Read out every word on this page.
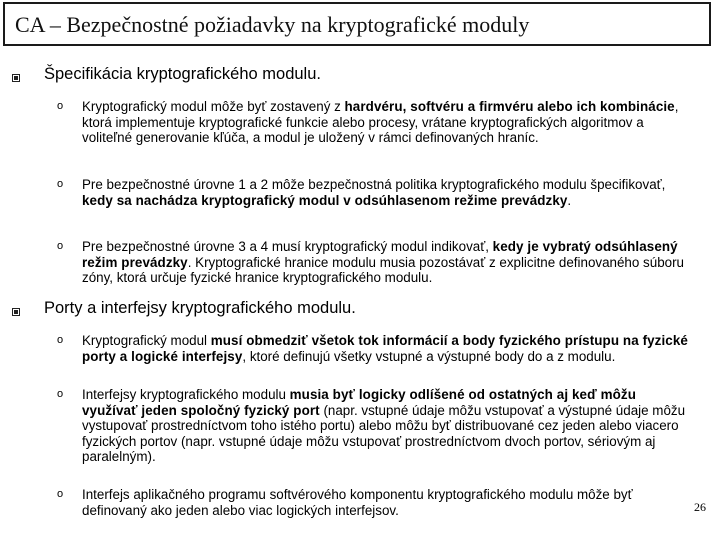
CA – Bezpečnostné požiadavky na kryptografické moduly

Špecifikácia kryptografického modulu.

o Kryptografický modul môže byť zostavený z hardvéru, softvéru a firmvéru alebo ich kombinácie, ktorá implementuje kryptografické funkcie alebo procesy, vrátane kryptografických algoritmov a voliteľné generovanie kľúča, a modul je uložený v rámci definovaných hraníc.

o Pre bezpečnostné úrovne 1 a 2 môže bezpečnostná politika kryptografického modulu špecifikovať, kedy sa nachádza kryptografický modul v odsúhlasenom režime prevádzky.

o Pre bezpečnostné úrovne 3 a 4 musí kryptografický modul indikovať, kedy je vybratý odsúhlasený režim prevádzky. Kryptografické hranice modulu musia pozostávať z explicitne definovaného súboru zóny, ktorá určuje fyzické hranice kryptografického modulu.

Porty a interfejsy kryptografického modulu.

o Kryptografický modul musí obmedziť všetok tok informácií a body fyzického prístupu na fyzické porty a logické interfejsy, ktoré definujú všetky vstupné a výstupné body do a z modulu.

o Interfejsy kryptografického modulu musia byť logicky odlíšené od ostatných aj keď môžu využívať jeden spoločný fyzický port (napr. vstupné údaje môžu vstupovať a výstupné údaje môžu vystupovať prostredníctvom toho istého portu) alebo môžu byť distribuované cez jeden alebo viacero fyzických portov (napr. vstupné údaje môžu vstupovať prostredníctvom dvoch portov, sériovým aj paralelným).

o Interfejs aplikačného programu softvérového komponentu kryptografického modulu môže byť definovaný ako jeden alebo viac logických interfejsov.	26
